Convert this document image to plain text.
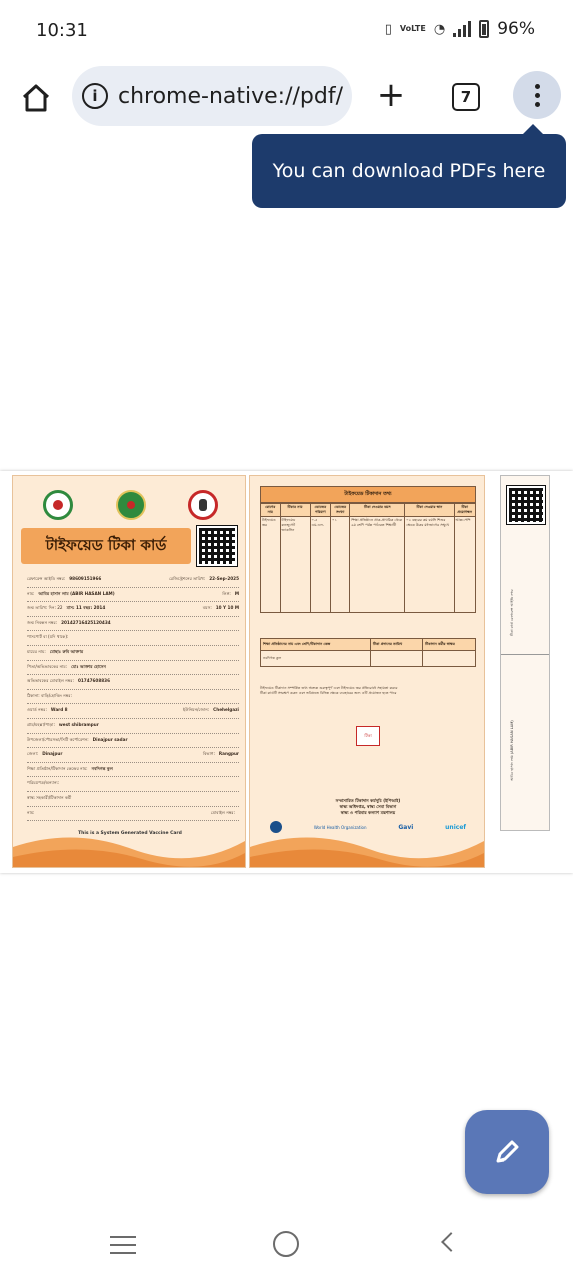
10:31	▯ VoLTE ◔	96%
i chrome-native://pdf/ +	7
টাইফয়েড টিকা কার্ড
রেফারেন্স আইডি নম্বর: 98609151966	রেজিস্ট্রেশনের তারিখ: 22-Sep-2025
নাম: আবির হাসান লাম (ABIR HASAN LAM)	লিঙ্গ: M
জন্ম তারিখ: দিন: 22 মাস: 11 বছর: 2014	বয়স: 10 Y 10 M
জন্ম নিবন্ধন নম্বর: 20142716425120434
পাসপোর্ট বা (যদি থাকে):
মায়ের নাম: মোছাঃ রুবি আক্তার
পিতা/অভিভাবকের নাম: মোঃ আক্তার হোসেন
অভিভাবকের মোবাইল নম্বর: 01747608836
ঠিকানা: বাড়ি/হোল্ডিং নম্বর:
ওয়ার্ড নম্বর: Ward 8	ইউনিয়ন/জোন: Chehelgazi
গ্রাম/মহল্লা/পাড়া: west shibrampur
উপজেলা/পৌরসভা/সিটি কর্পোরেশন: Dinajpur sadar
জেলা: Dinajpur	বিভাগ: Rangpur
শিক্ষা প্রতিষ্ঠান/টিকাদান কেন্দ্রের নাম: নবদিগন্ত কুল
পরিচয়পত্র/অন্যান্য:
স্বাস্থ্য সহকারী/টিকাদান কর্মী
নাম:	মোবাইল নম্বর:
This is a System Generated Vaccine Card
টাইফয়েড টিকাদান তথ্য
রোগের নাম	টিকার নাম	ডোজের পরিমাণ	ডোজের সংখ্যা	টিকা দেওয়ার বয়স	টিকা দেওয়ার স্থান	টিকা প্রয়োগস্থল
টাইফয়েড জ্বর	টাইফয়েড কনজুগেট ভ্যাকসিন	০.৫ এম.এল.	০১	শিক্ষা প্রতিষ্ঠানে প্রাক-প্রাথমিক থেকে ৯ম শ্রেণি পর্যন্ত পাঠ্যরত শিক্ষার্থী	০২ বছরের কম বয়সি শিশুর ক্ষেত্রে উরুর মধ্যভাগের সম্মুখে	আন্ত:পেশি
শিক্ষা প্রতিষ্ঠানের নাম এবং শ্রেণি/টিকাদান কেন্দ্র	টিকা প্রদানের তারিখ	টিকাদান কর্মীর স্বাক্ষর
নবদিগন্ত কুল		
টাইফয়েড টিকাদান সম্পর্কিত তথ্য অত্যন্ত গুরুত্বপূর্ণ এবং টাইফয়েড জ্বর প্রতিরোধে সহায়তা করবে
টিকা কার্ডটি সংরক্ষণ করুন এবং ভবিষ্যতে বিভিন্ন ক্ষেত্রে ব্যবহারের জন্য এটি প্রয়োজন হতে পারে
টিকা
সম্প্রসারিত টিকাদান কর্মসূচি (ইপিআই)
স্বাস্থ্য অধিদপ্তর, স্বাস্থ্য সেবা বিভাগ
স্বাস্থ্য ও পরিবার কল্যাণ মন্ত্রণালয়
World Health Organization	Gavi	unicef
টিকা কার্ড রেফারেন্স আইডি নম্বর
আবির হাসান লাম (ABIR HASAN LAM)
You can download PDFs here
